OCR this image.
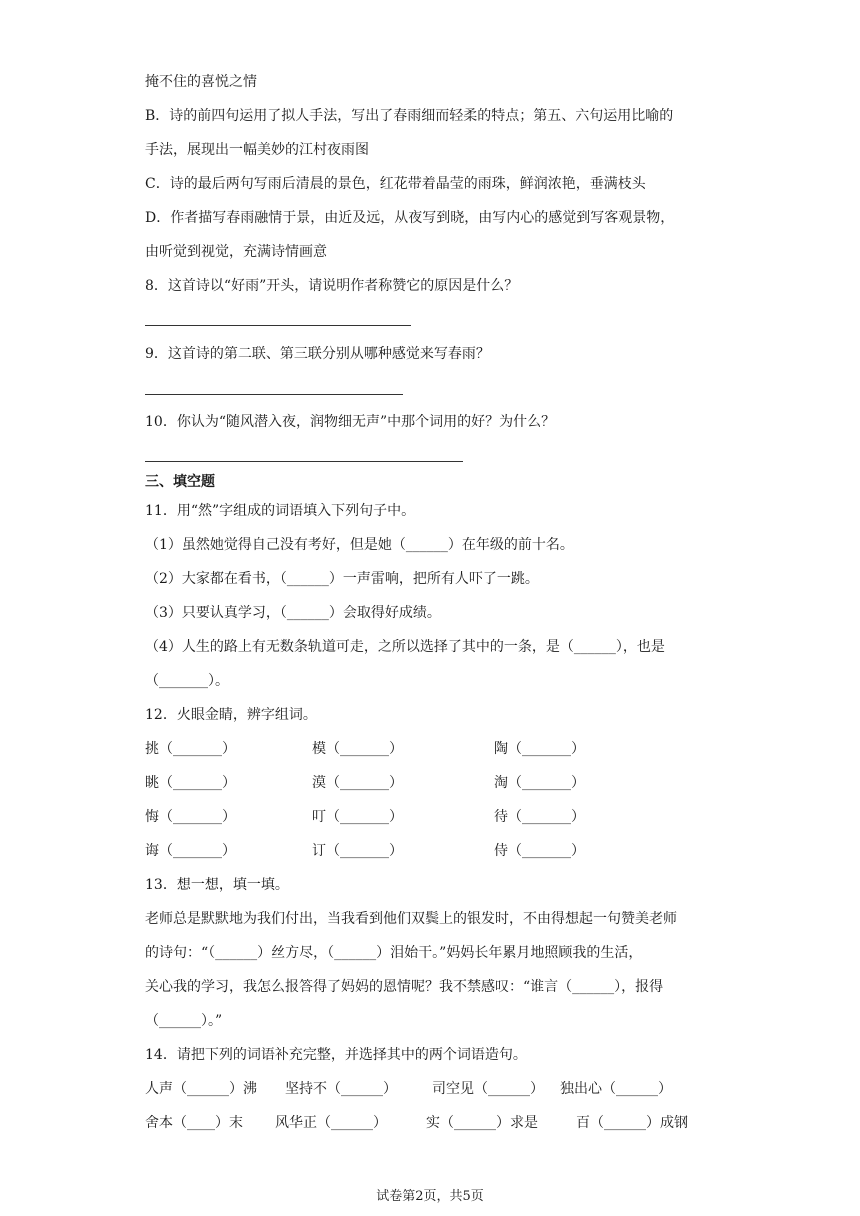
掩不住的喜悦之情
B．诗的前四句运用了拟人手法，写出了春雨细而轻柔的特点；第五、六句运用比喻的
手法，展现出一幅美妙的江村夜雨图
C．诗的最后两句写雨后清晨的景色，红花带着晶莹的雨珠，鲜润浓艳，垂满枝头
D．作者描写春雨融情于景，由近及远，从夜写到晓，由写内心的感觉到写客观景物，
由听觉到视觉，充满诗情画意
8．这首诗以“好雨”开头，请说明作者称赞它的原因是什么？
9．这首诗的第二联、第三联分别从哪种感觉来写春雨？
10．你认为“随风潜入夜，润物细无声”中那个词用的好？为什么？
三、填空题
11．用“然”字组成的词语填入下列句子中。
（1）虽然她觉得自己没有考好，但是她（______）在年级的前十名。
（2）大家都在看书，（______）一声雷响，把所有人吓了一跳。
（3）只要认真学习，（______）会取得好成绩。
（4）人生的路上有无数条轨道可走，之所以选择了其中的一条，是（______），也是
（_______）。
12．火眼金睛，辨字组词。
挑（_______）	模（_______）	陶（_______）
眺（_______）	漠（_______）	淘（_______）
悔（_______）	叮（_______）	待（_______）
诲（_______）	订（_______）	侍（_______）
13．想一想，填一填。
老师总是默默地为我们付出，当我看到他们双鬓上的银发时，不由得想起一句赞美老师
的诗句：“（______）丝方尽，（______）泪始干。”妈妈长年累月地照顾我的生活，
关心我的学习，我怎么报答得了妈妈的恩情呢？我不禁感叹：“谁言（______），报得
（______）。”
14．请把下列的词语补充完整，并选择其中的两个词语造句。
人声（______）沸 坚持不（______）	司空见（______） 独出心（______）
舍本（____）末 风华正（______）	实（______）求是	百（______）成钢
试卷第2页，共5页
